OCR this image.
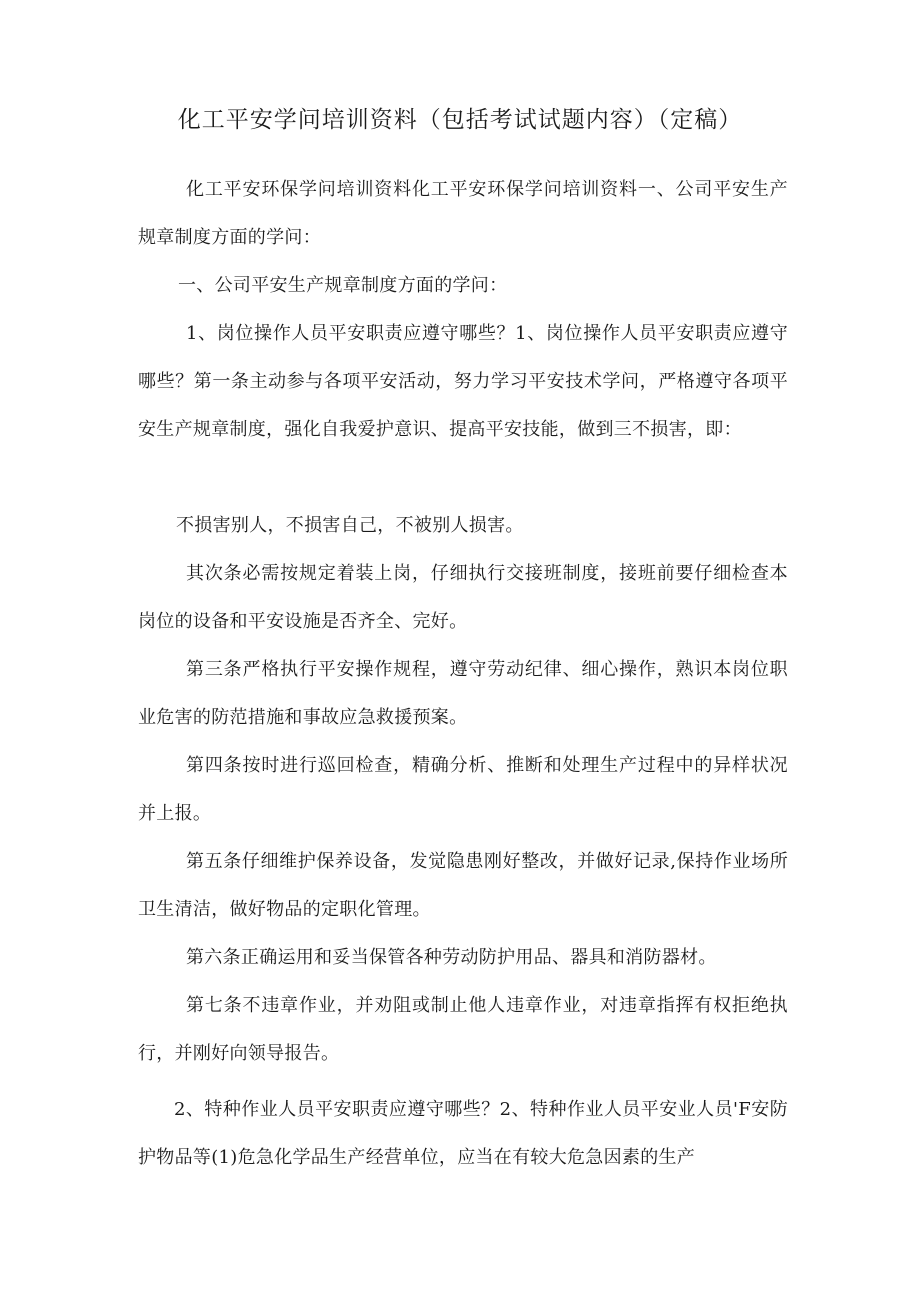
化工平安学问培训资料（包括考试试题内容）（定稿）

化工平安环保学问培训资料化工平安环保学问培训资料一、公司平安生产规章制度方面的学问：

一、公司平安生产规章制度方面的学问：

1、岗位操作人员平安职责应遵守哪些？1、岗位操作人员平安职责应遵守哪些？第一条主动参与各项平安活动，努力学习平安技术学问，严格遵守各项平安生产规章制度，强化自我爱护意识、提高平安技能，做到三不损害，即：

不损害别人，不损害自己，不被别人损害。

其次条必需按规定着装上岗，仔细执行交接班制度，接班前要仔细检查本岗位的设备和平安设施是否齐全、完好。

第三条严格执行平安操作规程，遵守劳动纪律、细心操作，熟识本岗位职业危害的防范措施和事故应急救援预案。

第四条按时进行巡回检查，精确分析、推断和处理生产过程中的异样状况并上报。

第五条仔细维护保养设备，发觉隐患刚好整改，并做好记录,保持作业场所卫生清洁，做好物品的定职化管理。

第六条正确运用和妥当保管各种劳动防护用品、器具和消防器材。

第七条不违章作业，并劝阻或制止他人违章作业，对违章指挥有权拒绝执行，并刚好向领导报告。

2、特种作业人员平安职责应遵守哪些？2、特种作业人员平安业人员'F安防护物品等(1)危急化学品生产经营单位，应当在有较大危急因素的生产
